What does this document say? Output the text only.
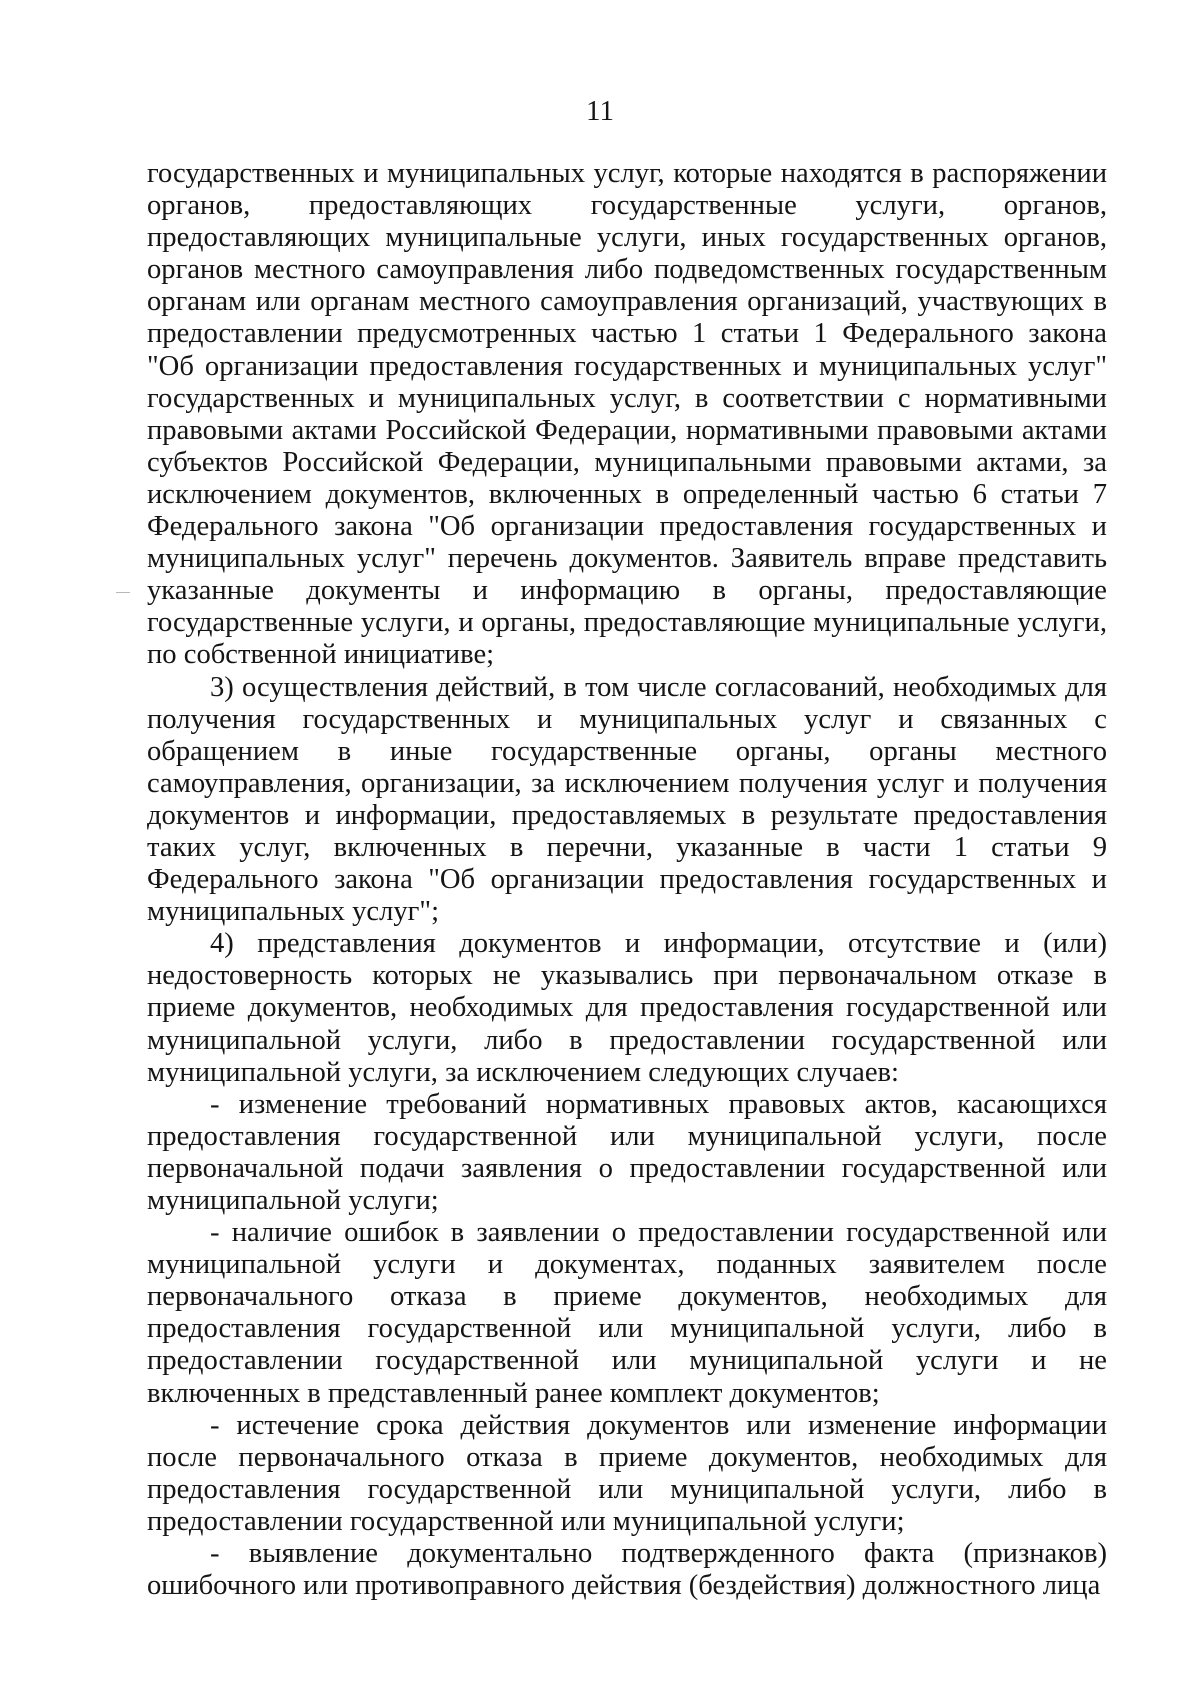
11

государственных и муниципальных услуг, которые находятся в распоряжении органов, предоставляющих государственные услуги, органов, предоставляющих муниципальные услуги, иных государственных органов, органов местного самоуправления либо подведомственных государственным органам или органам местного самоуправления организаций, участвующих в предоставлении предусмотренных частью 1 статьи 1 Федерального закона "Об организации предоставления государственных и муниципальных услуг" государственных и муниципальных услуг, в соответствии с нормативными правовыми актами Российской Федерации, нормативными правовыми актами субъектов Российской Федерации, муниципальными правовыми актами, за исключением документов, включенных в определенный частью 6 статьи 7 Федерального закона "Об организации предоставления государственных и муниципальных услуг" перечень документов. Заявитель вправе представить указанные документы и информацию в органы, предоставляющие государственные услуги, и органы, предоставляющие муниципальные услуги, по собственной инициативе;

3) осуществления действий, в том числе согласований, необходимых для получения государственных и муниципальных услуг и связанных с обращением в иные государственные органы, органы местного самоуправления, организации, за исключением получения услуг и получения документов и информации, предоставляемых в результате предоставления таких услуг, включенных в перечни, указанные в части 1 статьи 9 Федерального закона "Об организации предоставления государственных и муниципальных услуг";

4) представления документов и информации, отсутствие и (или) недостоверность которых не указывались при первоначальном отказе в приеме документов, необходимых для предоставления государственной или муниципальной услуги, либо в предоставлении государственной или муниципальной услуги, за исключением следующих случаев:

- изменение требований нормативных правовых актов, касающихся предоставления государственной или муниципальной услуги, после первоначальной подачи заявления о предоставлении государственной или муниципальной услуги;

- наличие ошибок в заявлении о предоставлении государственной или муниципальной услуги и документах, поданных заявителем после первоначального отказа в приеме документов, необходимых для предоставления государственной или муниципальной услуги, либо в предоставлении государственной или муниципальной услуги и не включенных в представленный ранее комплект документов;

- истечение срока действия документов или изменение информации после первоначального отказа в приеме документов, необходимых для предоставления государственной или муниципальной услуги, либо в предоставлении государственной или муниципальной услуги;

- выявление документально подтвержденного факта (признаков) ошибочного или противоправного действия (бездействия) должностного лица
